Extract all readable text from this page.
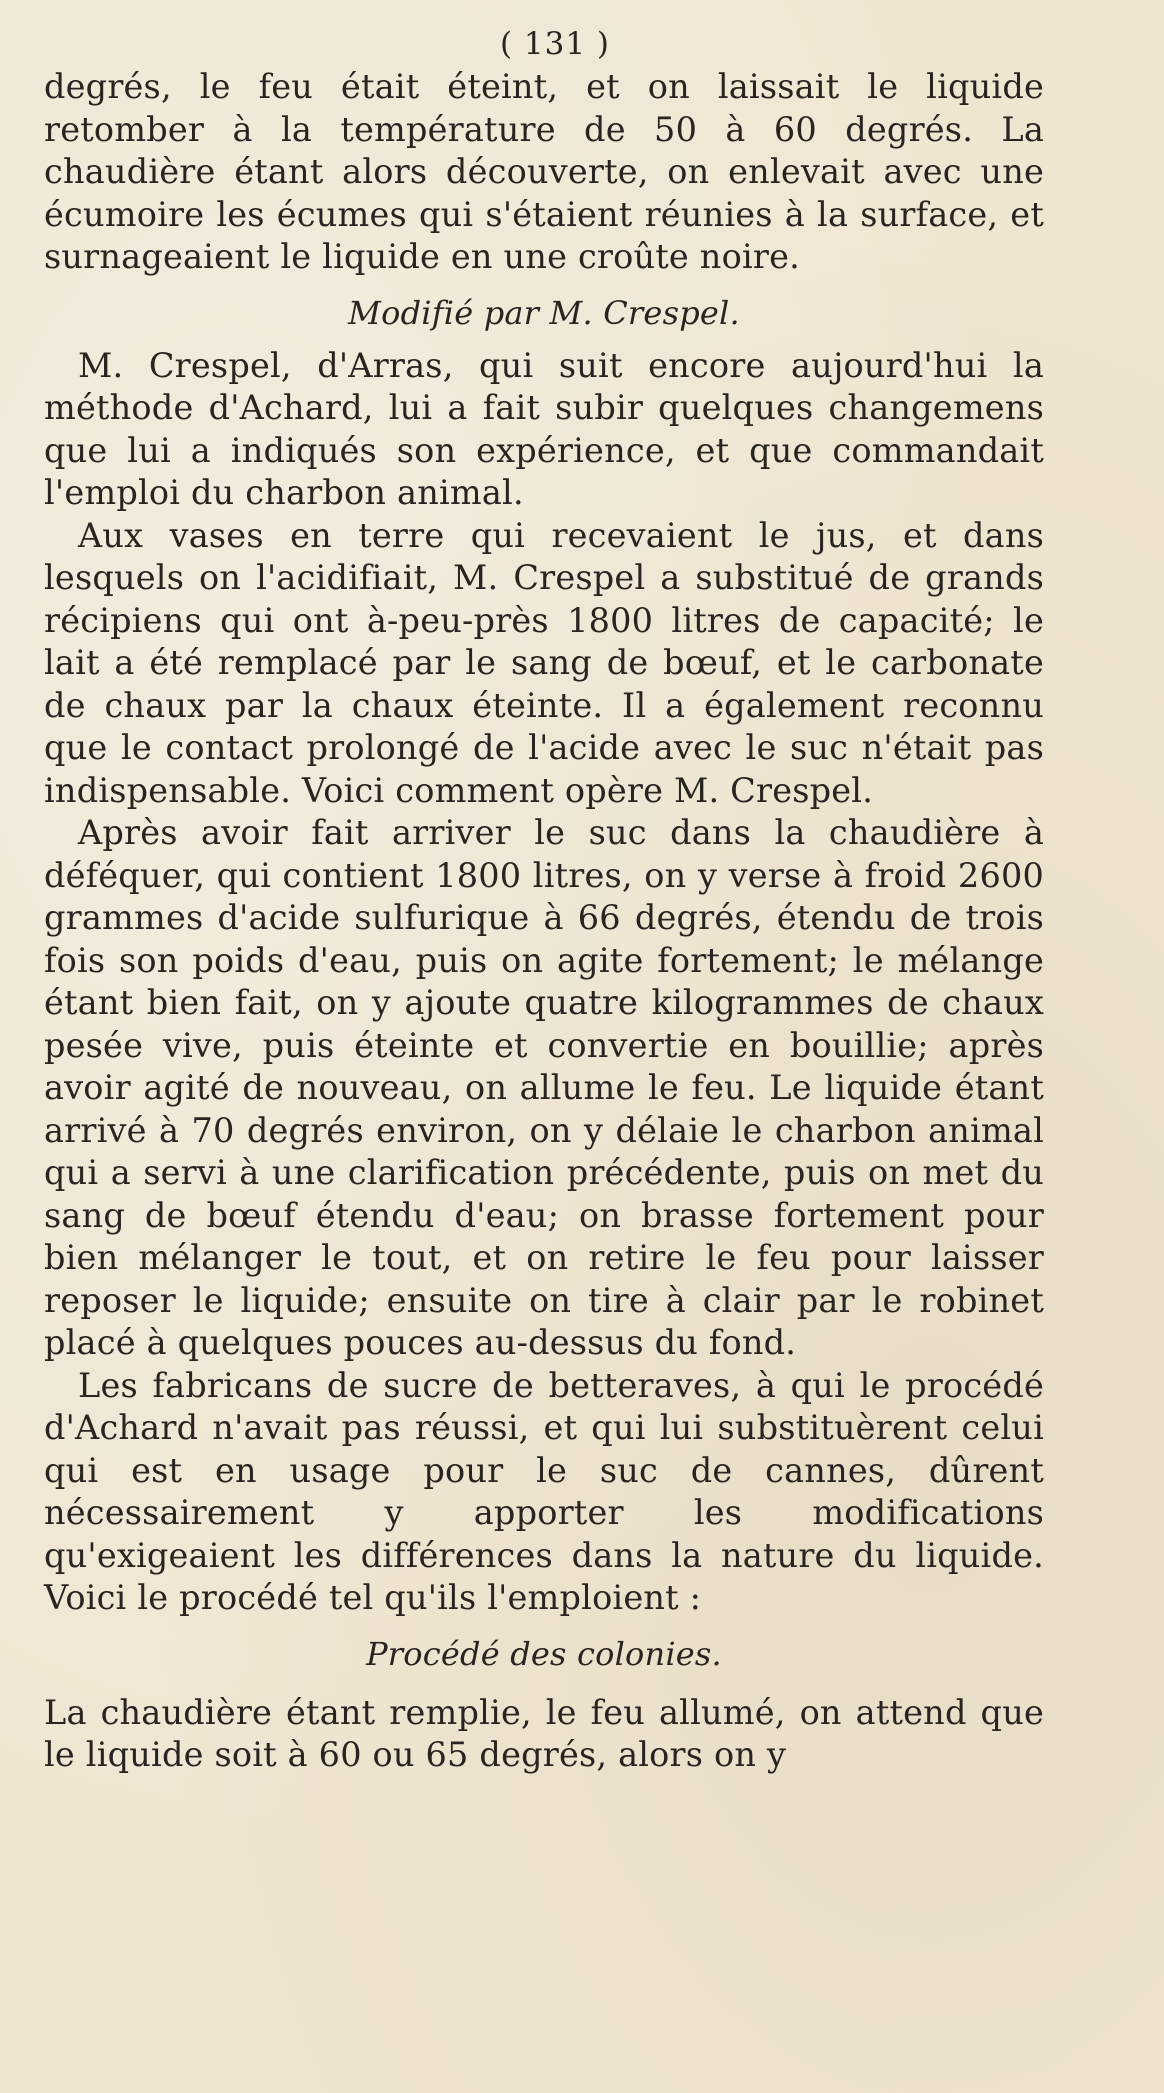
( 131 )

degrés, le feu était éteint, et on laissait le liquide retomber à la température de 50 à 60 degrés. La chaudière étant alors découverte, on enlevait avec une écumoire les écumes qui s'étaient réunies à la surface, et surnageaient le liquide en une croûte noire.

Modifié par M. Crespel.

M. Crespel, d'Arras, qui suit encore aujourd'hui la méthode d'Achard, lui a fait subir quelques changemens que lui a indiqués son expérience, et que commandait l'emploi du charbon animal.

Aux vases en terre qui recevaient le jus, et dans lesquels on l'acidifiait, M. Crespel a substitué de grands récipiens qui ont à-peu-près 1800 litres de capacité; le lait a été remplacé par le sang de bœuf, et le carbonate de chaux par la chaux éteinte. Il a également reconnu que le contact prolongé de l'acide avec le suc n'était pas indispensable. Voici comment opère M. Crespel.

Après avoir fait arriver le suc dans la chaudière à déféquer, qui contient 1800 litres, on y verse à froid 2600 grammes d'acide sulfurique à 66 degrés, étendu de trois fois son poids d'eau, puis on agite fortement; le mélange étant bien fait, on y ajoute quatre kilogrammes de chaux pesée vive, puis éteinte et convertie en bouillie; après avoir agité de nouveau, on allume le feu. Le liquide étant arrivé à 70 degrés environ, on y délaie le charbon animal qui a servi à une clarification précédente, puis on met du sang de bœuf étendu d'eau; on brasse fortement pour bien mélanger le tout, et on retire le feu pour laisser reposer le liquide; ensuite on tire à clair par le robinet placé à quelques pouces au-dessus du fond.

Les fabricans de sucre de betteraves, à qui le procédé d'Achard n'avait pas réussi, et qui lui substituèrent celui qui est en usage pour le suc de cannes, dûrent nécessairement y apporter les modifications qu'exigeaient les différences dans la nature du liquide. Voici le procédé tel qu'ils l'emploient :

Procédé des colonies.

La chaudière étant remplie, le feu allumé, on attend que le liquide soit à 60 ou 65 degrés, alors on y
